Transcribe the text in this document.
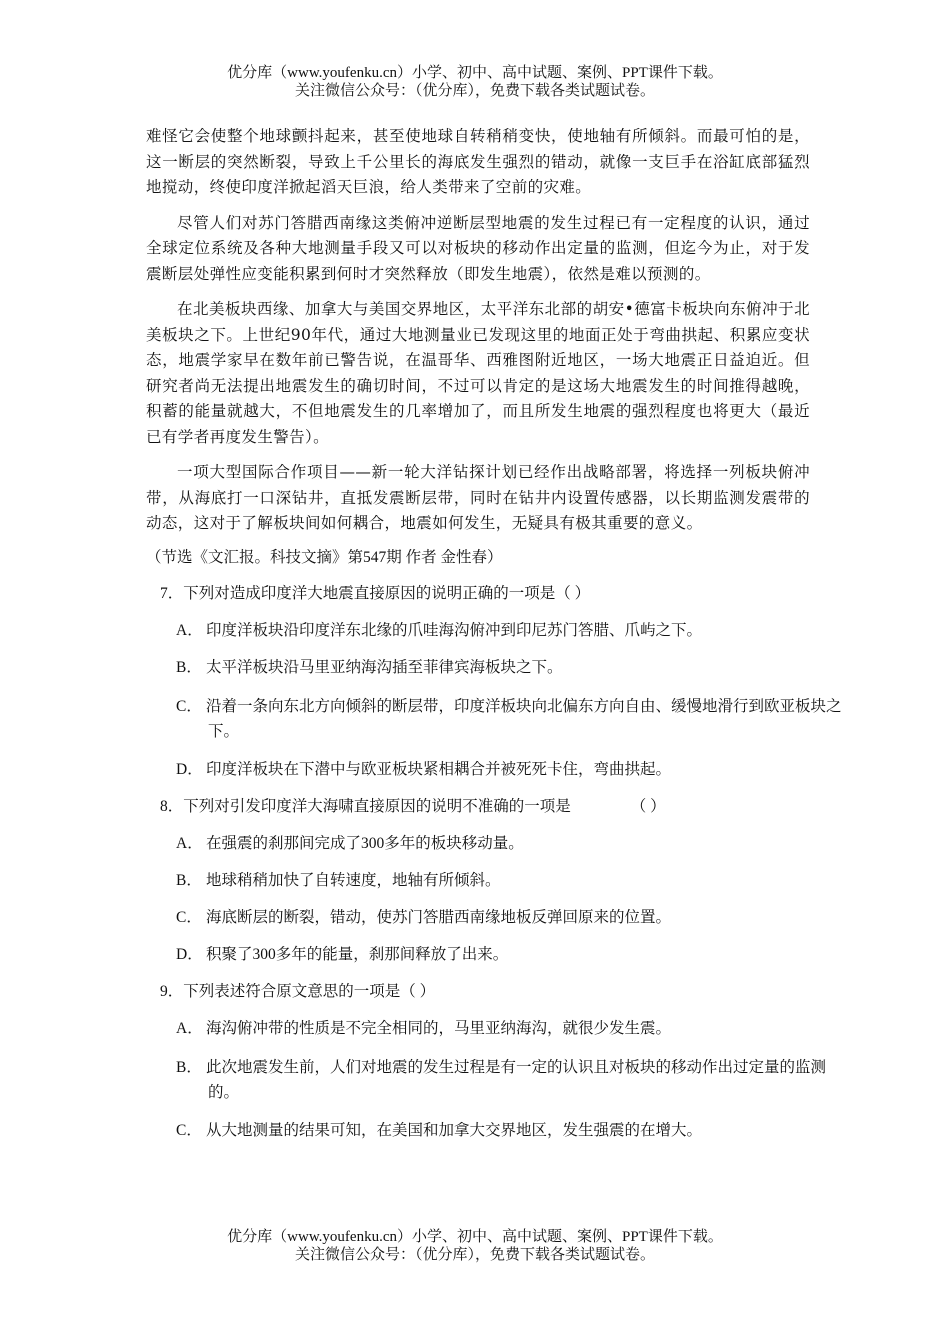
优分库（www.youfenku.cn）小学、初中、高中试题、案例、PPT课件下载。
关注微信公众号：（优分库），免费下载各类试题试卷。

难怪它会使整个地球颤抖起来，甚至使地球自转稍稍变快，使地轴有所倾斜。而最可怕的是，这一断层的突然断裂，导致上千公里长的海底发生强烈的错动，就像一支巨手在浴缸底部猛烈地搅动，终使印度洋掀起滔天巨浪，给人类带来了空前的灾难。

尽管人们对苏门答腊西南缘这类俯冲逆断层型地震的发生过程已有一定程度的认识，通过全球定位系统及各种大地测量手段又可以对板块的移动作出定量的监测，但迄今为止，对于发震断层处弹性应变能积累到何时才突然释放（即发生地震），依然是难以预测的。

在北美板块西缘、加拿大与美国交界地区，太平洋东北部的胡安•德富卡板块向东俯冲于北美板块之下。上世纪90年代，通过大地测量业已发现这里的地面正处于弯曲拱起、积累应变状态，地震学家早在数年前已警告说，在温哥华、西雅图附近地区，一场大地震正日益迫近。但研究者尚无法提出地震发生的确切时间，不过可以肯定的是这场大地震发生的时间推得越晚，积蓄的能量就越大，不但地震发生的几率增加了，而且所发生地震的强烈程度也将更大（最近已有学者再度发生警告）。

一项大型国际合作项目——新一轮大洋钻探计划已经作出战略部署，将选择一列板块俯冲带，从海底打一口深钻井，直抵发震断层带，同时在钻井内设置传感器，以长期监测发震带的动态，这对于了解板块间如何耦合，地震如何发生，无疑具有极其重要的意义。

（节选《文汇报。科技文摘》第547期 作者 金性春）
7．下列对造成印度洋大地震直接原因的说明正确的一项是（ ）
A． 印度洋板块沿印度洋东北缘的爪哇海沟俯冲到印尼苏门答腊、爪屿之下。
B． 太平洋板块沿马里亚纳海沟插至菲律宾海板块之下。
C． 沿着一条向东北方向倾斜的断层带，印度洋板块向北偏东方向自由、缓慢地滑行到欧亚板块之下。
D． 印度洋板块在下潜中与欧亚板块紧相耦合并被死死卡住，弯曲拱起。
8．下列对引发印度洋大海啸直接原因的说明不准确的一项是	（ ）
A． 在强震的刹那间完成了300多年的板块移动量。
B． 地球稍稍加快了自转速度，地轴有所倾斜。
C． 海底断层的断裂，错动，使苏门答腊西南缘地板反弹回原来的位置。
D． 积聚了300多年的能量，刹那间释放了出来。
9．下列表述符合原文意思的一项是（ ）
A． 海沟俯冲带的性质是不完全相同的，马里亚纳海沟，就很少发生震。
B． 此次地震发生前，人们对地震的发生过程是有一定的认识且对板块的移动作出过定量的监测的。
C． 从大地测量的结果可知，在美国和加拿大交界地区，发生强震的在增大。
优分库（www.youfenku.cn）小学、初中、高中试题、案例、PPT课件下载。
关注微信公众号：（优分库），免费下载各类试题试卷。
